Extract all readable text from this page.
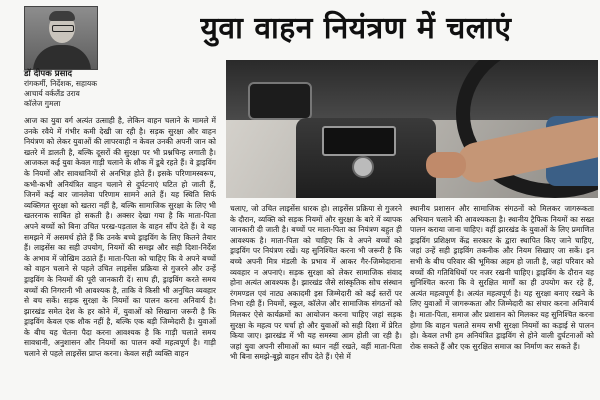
डॉ दीपक प्रसाद
रांगकर्मी, निर्देशक, सहायक आचार्य वर्कलैंड उराव कॉलेज गुमला
युवा वाहन नियंत्रण में चलाएं

आज का युवा वर्ग अत्यंत उत्साही है, लेकिन वाहन चलाने के मामले में उनके रवैये में गंभीर कमी देखी जा रही है। सड़क सुरक्षा और वाहन नियंत्रण को लेकर युवाओं की लापरवाही न केवल उनकी अपनी जान को खतरे में डालती है, बल्कि दूसरों की सुरक्षा पर भी प्रश्नचिन्ह लगाती है। आजकल कई युवा केवल गाड़ी चलाने के शौक में डूबे रहते हैं। वे ड्राइविंग के नियमों और सावधानियों से अनभिज्ञ होते हैं। इसके परिणामस्वरूप, कभी-कभी अनियंत्रित वाहन चलाने से दुर्घटनाएं घटित हो जाती हैं, जिनमें कई बार जानलेवा परिणाम सामने आते हैं। यह स्थिति सिर्फ व्यक्तिगत सुरक्षा को खतरा नहीं है, बल्कि सामाजिक सुरक्षा के लिए भी खतरनाक साबित हो सकती है। अक्सर देखा गया है कि माता-पिता अपने बच्चों को बिना उचित परख-पड़ताल के वाहन सौंप देते हैं। वे यह समझने में असमर्थ होते हैं कि उनके बच्चे ड्राइविंग के लिए कितने तैयार हैं। लाइसेंस का सही उपयोग, नियमों की समझ और सही दिशा-निर्देश के अभाव में जोखिम उठाते हैं। माता-पिता को चाहिए कि वे अपने बच्चों को वाहन चलाने से पहले उचित लाइसेंस प्रक्रिया से गुजरने और उन्हें ड्राइविंग के नियमों की पूरी जानकारी दें। साथ ही, ड्राइविंग करते समय बच्चों की निगरानी भी आवश्यक है, ताकि वे किसी भी अनुचित व्यवहार से बच सकें। सड़क सुरक्षा के नियमों का पालन करना अनिवार्य है। झारखंड समेत देश के हर कोने में, युवाओं को सिखाना जरूरी है कि ड्राइविंग केवल एक शौक नहीं है, बल्कि एक बड़ी जिम्मेदारी है। युवाओं के बीच यह चेतना पैदा करना आवश्यक है कि गाड़ी चलाते समय सावधानी, अनुशासन और नियमों का पालन क्यों महत्वपूर्ण है। गाड़ी चलाने से पहले लाइसेंस प्राप्त करना। केवल सही व्यक्ति वाहन

चलाए, जो उचित लाइसेंस धारक हो। लाइसेंस प्रक्रिया से गुजरने के दौरान, व्यक्ति को सड़क नियमों और सुरक्षा के बारे में व्यापक जानकारी दी जाती है। बच्चों पर माता-पिता का नियंत्रण बहुत ही आवश्यक है। माता-पिता को चाहिए कि वे अपने बच्चों को ड्राइविंग पर नियंत्रण रखें। यह सुनिश्चित करना भी जरूरी है कि बच्चे अपनी मित्र मंडली के प्रभाव में आकर गैर-जिम्मेदाराना व्यवहार न अपनाएं। सड़क सुरक्षा को लेकर सामाजिक संवाद होना अत्यंत आवश्यक है। झारखंड जैसे सांस्कृतिक सोच संस्थान रंगमण्डल एवं नाट्य अकादमी इस जिम्मेदारी को कई स्तरों पर निभा रही हैं। नियमों, स्कूल, कॉलेज और सामाजिक संगठनों को मिलकर ऐसे कार्यक्रमों का आयोजन करना चाहिए जहां सड़क सुरक्षा के महत्व पर चर्चा हो और युवाओं को सही दिशा में प्रेरित किया जाए। झारखंड में भी यह समस्या आम होती जा रही है। जहां युवा अपनी सीमाओं का ध्यान नहीं रखते, वहीं माता-पिता भी बिना समझे-बूझे वाहन सौंप देते हैं। ऐसे में

स्थानीय प्रशासन और सामाजिक संगठनों को मिलकर जागरूकता अभियान चलाने की आवश्यकता है। स्थानीय ट्रैफिक नियमों का सख्त पालन कराया जाना चाहिए। वहीं झारखंड के युवाओं के लिए प्रमाणित ड्राइविंग प्रशिक्षण केंद्र सरकार के द्वारा स्थापित किए जाने चाहिए, जहां उन्हें सही ड्राइविंग तकनीक और नियम सिखाए जा सकें। इन सभी के बीच परिवार की भूमिका अहम हो जाती है, जहां परिवार को बच्चों की गतिविधियों पर नजर रखनी चाहिए। ड्राइविंग के दौरान यह सुनिश्चित करना कि वे सुरक्षित मार्गों का ही उपयोग कर रहे हैं, अत्यंत महत्वपूर्ण है। अत्यंत महत्वपूर्ण है। यह सुरक्षा बनाए रखने के लिए युवाओं में जागरूकता और जिम्मेदारी का संचार करना अनिवार्य है। माता-पिता, समाज और प्रशासन को मिलकर यह सुनिश्चित करना होगा कि वाहन चलाते समय सभी सुरक्षा नियमों का कड़ाई से पालन हो। केवल तभी हम अनियंत्रित ड्राइविंग से होने वाली दुर्घटनाओं को रोक सकते हैं और एक सुरक्षित समाज का निर्माण कर सकते हैं।
